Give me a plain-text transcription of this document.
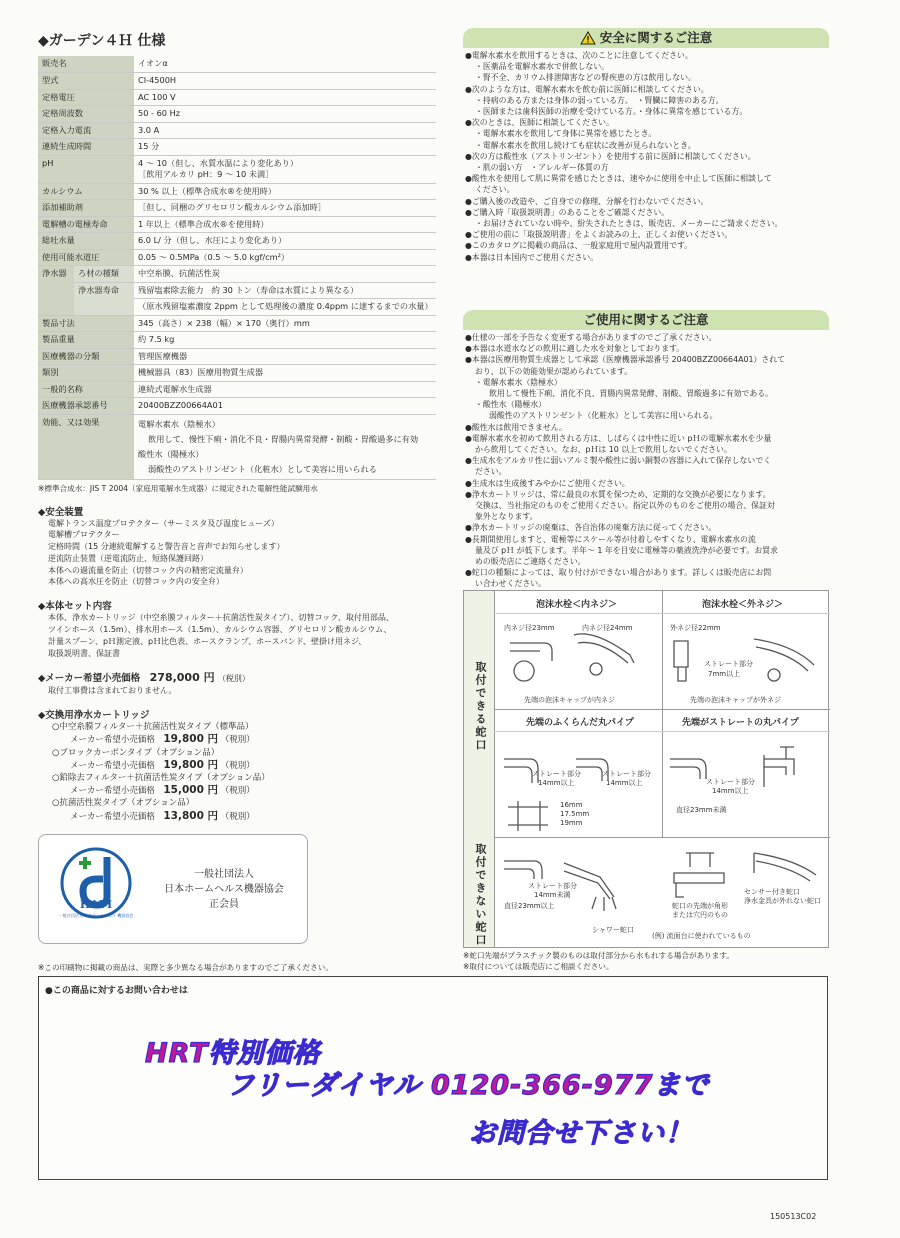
◆ガーデン４Ｈ 仕様
販売名		イオンα

型式		CI-4500H

定格電圧		AC 100 V

定格周波数		50 - 60 Hz

定格入力電流		3.0 A

連続生成時間		15 分

pH		4 ～ 10（但し、水質水温により変化あり）
［飲用アルカリ pH：9 ～ 10 未満］

カルシウム		30 % 以上（標準合成水®を使用時）

添加補助剤		［但し、同梱のグリセロリン酸カルシウム添加時］

電解槽の電極寿命		1 年以上（標準合成水®を使用時）

総吐水量		6.0 L/ 分（但し、水圧により変化あり）

使用可能水道圧		0.05 ～ 0.5MPa（0.5 ～ 5.0 kgf/cm²）

浄水器	ろ材の種類	中空糸膜、抗菌活性炭
	浄水器寿命	残留塩素除去能力　約 30 トン（寿命は水質により異なる）
		（原水残留塩素濃度 2ppm として処理後の濃度 0.4ppm に達するまでの水量）
製品寸法		345（高さ）× 238（幅）× 170（奥行）mm

製品重量		約 7.5 kg

医療機器の分類		管理医療機器

類別		機械器具（83）医療用物質生成器

一般的名称		連続式電解水生成器

医療機器承認番号		20400BZZ00664A01

効能、又は効果		電解水素水（陰極水）
飲用して、慢性下痢・消化不良・胃腸内異常発酵・制酸・胃酸過多に有効
酸性水（陽極水）
弱酸性のアストリンゼント（化粧水）として美容に用いられる
※標準合成水：JIS T 2004（家庭用電解水生成器）に規定された電解性能試験用水
◆安全装置
電解トランス温度プロテクター（サーミスタ及び温度ヒューズ）
電解槽プロテクター
定格時間（15 分連続電解すると警告音と音声でお知らせします）
逆流防止装置（逆電流防止、短絡保護回路）
本体への過流量を防止（切替コック内の精密定流量弁）
本体への高水圧を防止（切替コック内の安全弁）
◆本体セット内容
本体、浄水カートリッジ（中空糸膜フィルター＋抗菌活性炭タイプ）、切替コック、取付用部品、
ツインホース（1.5m）、排水用ホース（1.5m）、カルシウム容器、グリセロリン酸カルシウム、
計量スプーン、pＨ測定液、pＨ比色表、ホースクランプ、ホースバンド、壁掛け用ネジ、
取扱説明書、保証書
◆メーカー希望小売価格　 278,000 円 （税別）
取付工事費は含まれておりません。
◆交換用浄水カートリッジ
○中空糸膜フィルター＋抗菌活性炭タイプ（標準品）
メーカー希望小売価格　 19,800 円 （税別）
○ブロックカーボンタイプ（オプション品）
メーカー希望小売価格　 19,800 円 （税別）
○鉛除去フィルター＋抗菌活性炭タイプ（オプション品）
メーカー希望小売価格　 15,000 円 （税別）
○抗菌活性炭タイプ（オプション品）
メーカー希望小売価格　 13,800 円 （税別）
HAPI
一般社団法人 日本ホームヘルス 機器協会
一般社団法人
日本ホームヘルス機器協会
正会員
安全に関するご注意
●電解水素水を飲用するときは、次のことに注意してください。
・医薬品を電解水素水で併飲しない。
・腎不全、カリウム排泄障害などの腎疾患の方は飲用しない。
●次のような方は、電解水素水を飲む前に医師に相談してください。
・持病のある方または身体の弱っている方。　・腎臓に障害のある方。
・医師または歯科医師の治療を受けている方。・身体に異常を感じている方。
●次のときは、医師に相談してください。
・電解水素水を飲用して身体に異常を感じたとき。
・電解水素水を飲用し続けても症状に改善が見られないとき。
●次の方は酸性水（アストリンゼント）を使用する前に医師に相談してください。
・肌の弱い方　・アレルギー体質の方
●酸性水を使用して肌に異常を感じたときは、速やかに使用を中止して医師に相談して
ください。
●ご購入後の改造や、ご自身での修理、分解を行わないでください。
●ご購入時「取扱説明書」のあることをご確認ください。
・お届けされていない時や、紛失されたときは、販売店、メーカーにご請求ください。
●ご使用の前に「取扱説明書」をよくお読みの上、正しくお使いください。
●このカタログに掲載の商品は、一般家庭用で屋内設置用です。
●本器は日本国内でご使用ください。
ご使用に関するご注意
●仕様の一部を予告なく変更する場合がありますのでご了承ください。
●本器は水道水などの飲用に適した水を対象としております。
●本器は医療用物質生成器として承認（医療機器承認番号 20400BZZ00664A01）されて
おり、以下の効能効果が認められています。
・電解水素水（陰極水）
飲用して慢性下痢、消化不良、胃腸内異常発酵、制酸、胃酸過多に有効である。
・酸性水（陽極水）
弱酸性のアストリンゼント（化粧水）として美容に用いられる。
●酸性水は飲用できません。
●電解水素水を初めて飲用される方は、しばらくは中性に近い pＨの電解水素水を少量
から飲用してください。なお、pＨは 10 以上で飲用しないでください。
●生成水をアルカリ性に弱いアルミ製や酸性に弱い銅製の容器に入れて保存しないでく
ださい。
●生成水は生成後すみやかにご使用ください。
●浄水カートリッジは、常に最良の水質を保つため、定期的な交換が必要になります。
交換は、当社指定のものをご使用ください。指定以外のものをご使用の場合、保証対
象外となります。
●浄水カートリッジの廃棄は、各自治体の廃棄方法に従ってください。
●長期間使用しますと、電極等にスケール等が付着しやすくなり、電解水素水の流
量及び pＨ が低下します。半年～ 1 年を目安に電極等の薬液洗浄が必要です。お買求
めの販売店にご連絡ください。
●蛇口の種類によっては、取り付けができない場合があります。詳しくは販売店にお問
い合わせください。
取付できる蛇口
取付できない蛇口
泡沫水栓＜内ネジ＞	泡沫水栓＜外ネジ＞
先端のふくらんだ丸パイプ	先端がストレートの丸パイプ
内ネジ径23mm	内ネジ径24mm
先端の泡沫キャップが内ネジ
外ネジ径22mm
ストレート部分
7mm以上
先端の泡沫キャップが外ネジ
ストレート部分
14mm以上
ストレート部分
14mm以上
16mm
17.5mm
19mm
ストレート部分
14mm以上
直径23mm未満
ストレート部分
14mm未満
直径23mm以上
シャワー蛇口
蛇口の先端が角形
または穴円のもの
(例) 流面台に使われているもの
センサー付き蛇口
浄水金具が外れない蛇口
※蛇口先端がプラスチック製のものは取付部分から水もれする場合があります。
※取付については販売店にご相談ください。
※この印刷物に掲載の商品は、実際と多少異なる場合がありますのでご了承ください。
●この商品に対するお問い合わせは
HRT特別価格
フリーダイヤル 0120-366-977まで
お問合せ下さい！
150513C02
